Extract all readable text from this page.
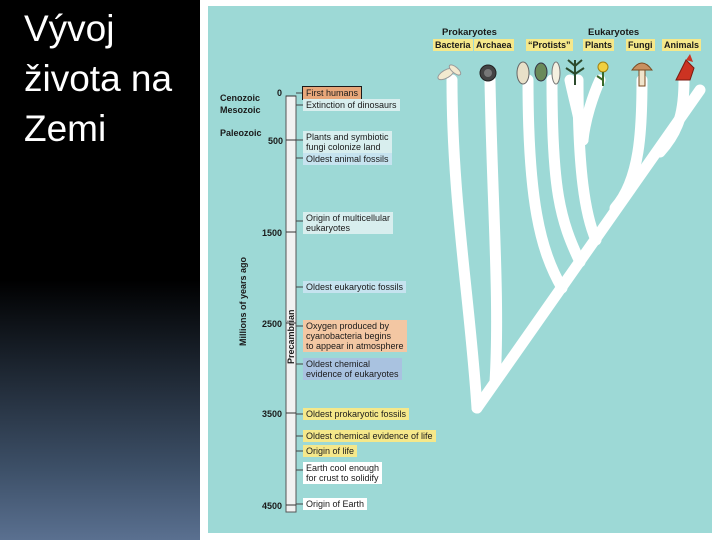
Vývoj
života na
Zemi
Prokaryotes	Eukaryotes
Bacteria Archaea “Protists” Plants Fungi Animals
Cenozoic
Mesozoic
Paleozoic
0
500
1500
2500
3500
4500
Millions of years ago	Precambrian
First humans
Extinction of dinosaurs
Plants and symbiotic
fungi colonize land
Oldest animal fossils
Origin of multicellular
eukaryotes
Oldest eukaryotic fossils
Oxygen produced by
cyanobacteria begins
to appear in atmosphere
Oldest chemical
evidence of eukaryotes
Oldest prokaryotic fossils
Oldest chemical evidence of life
Origin of life
Earth cool enough
for crust to solidify
Origin of Earth
